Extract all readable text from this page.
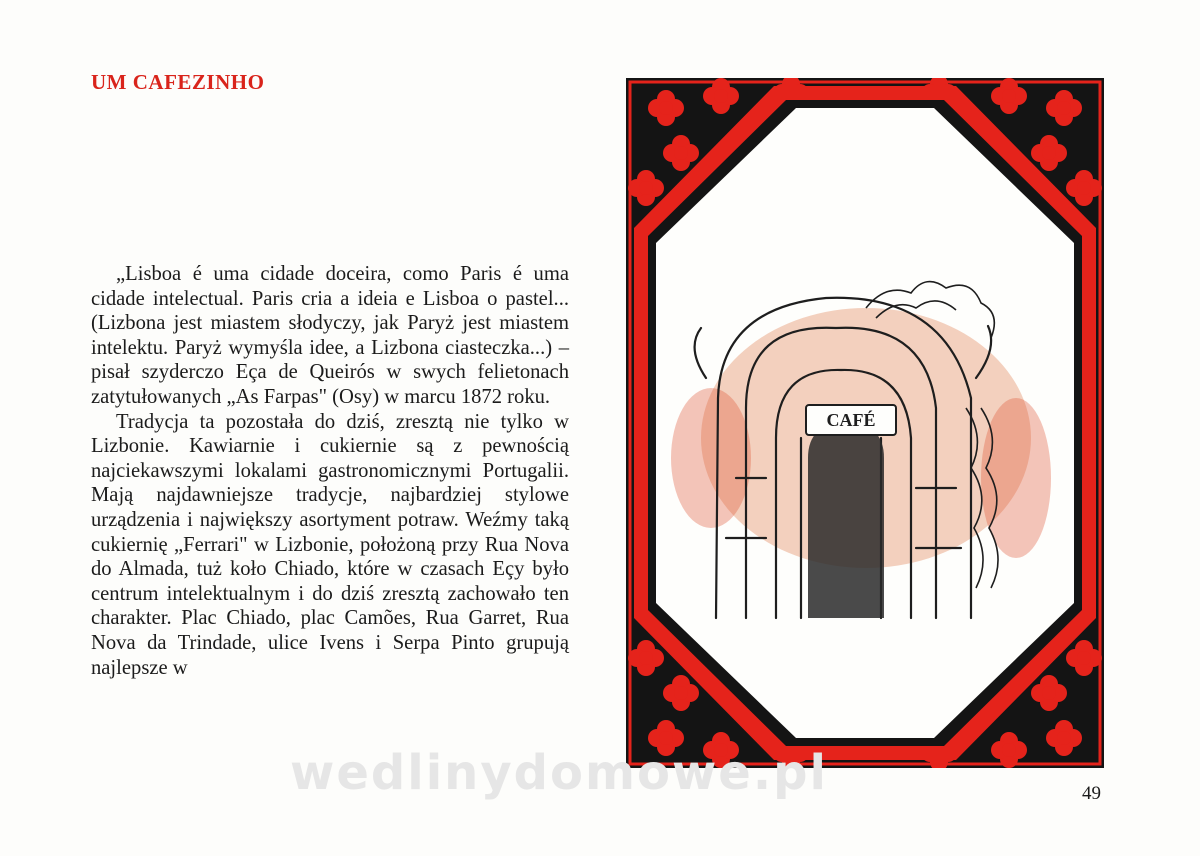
UM CAFEZINHO

„Lisboa é uma cidade doceira, como Paris é uma cidade intelectual. Paris cria a ideia e Lisboa o pastel... (Lizbona jest miastem słodyczy, jak Paryż jest miastem intelektu. Paryż wymyśla idee, a Lizbona ciasteczka...) – pisał szyderczo Eça de Queirós w swych felietonach zatytułowanych „As Farpas" (Osy) w marcu 1872 roku.

Tradycja ta pozostała do dziś, zresztą nie tylko w Lizbonie. Kawiarnie i cukiernie są z pewnością najciekawszymi lokalami gastronomicznymi Portugalii. Mają najdawniejsze tradycje, najbardziej stylowe urządzenia i największy asortyment potraw. Weźmy taką cukiernię „Ferrari" w Lizbonie, położoną przy Rua Nova do Almada, tuż koło Chiado, które w czasach Eçy było centrum intelektualnym i do dziś zresztą zachowało ten charakter. Plac Chiado, plac Camões, Rua Garret, Rua Nova da Trindade, ulice Ivens i Serpa Pinto grupują najlepsze w

CAFÉ
wedlinydomowe.pl	49
